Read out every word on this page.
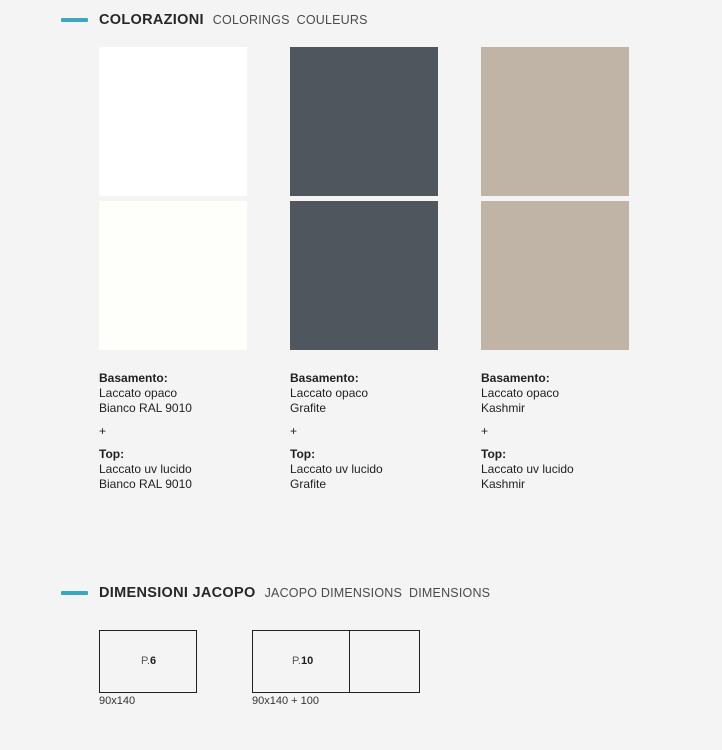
COLORAZIONI COLORINGS COULEURS
Basamento:
Laccato opaco
Bianco RAL 9010
+
Top:
Laccato uv lucido
Bianco RAL 9010
Basamento:
Laccato opaco
Grafite
+
Top:
Laccato uv lucido
Grafite
Basamento:
Laccato opaco
Kashmir
+
Top:
Laccato uv lucido
Kashmir
DIMENSIONI JACOPO JACOPO DIMENSIONS DIMENSIONS
P.6
90x140
P.10
90x140 + 100
